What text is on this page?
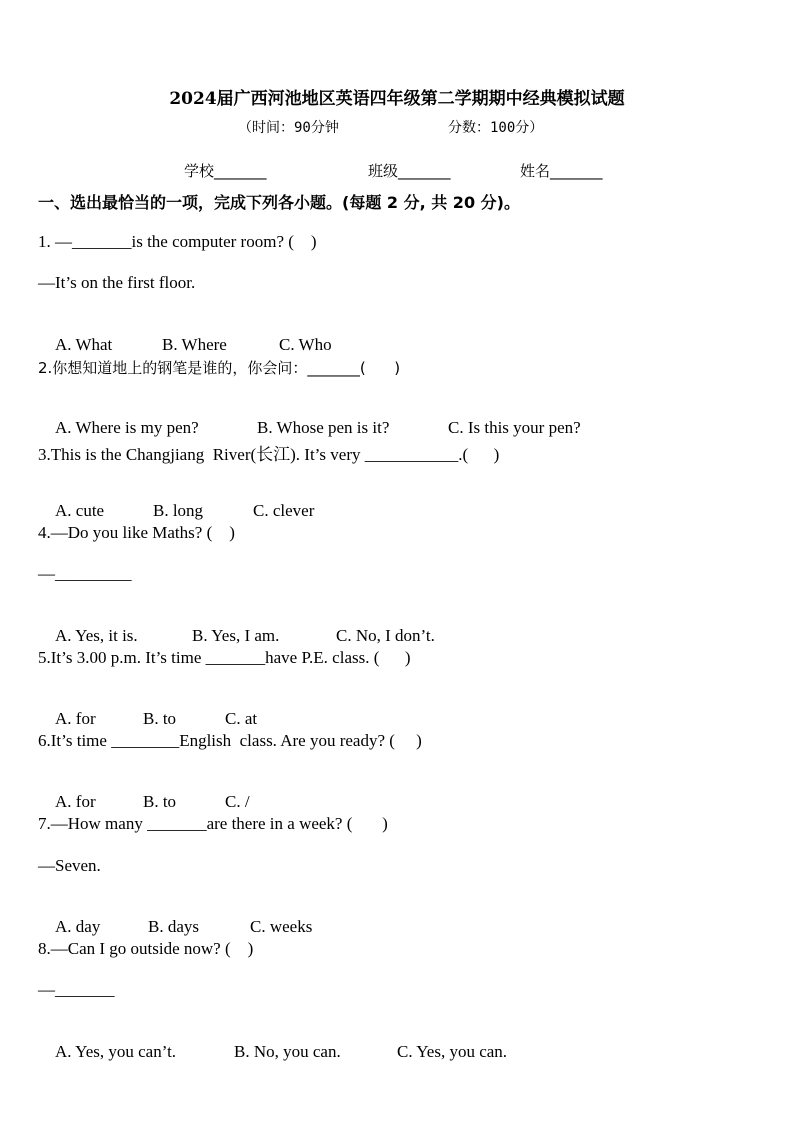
2024届广西河池地区英语四年级第二学期期中经典模拟试题
（时间：90分钟	分数：100分）
学校_______	班级_______	姓名_______
一、选出最恰当的一项，完成下列各小题。(每题 2 分, 共 20 分)。
1. —_______is the computer room? (    )
—It’s on the first floor.

A. What	B. Where	C. Who

2.你想知道地上的钢笔是谁的，你会问：_______(      )

A. Where is my pen?	B. Whose pen is it?	C. Is this your pen?

3.This is the Changjiang  River(长江). It’s very ___________.(      )

A. cute	B. long	C. clever

4.—Do you like Maths? (    )
—_________

A. Yes, it is.	B. Yes, I am.	C. No, I don’t.

5.It’s 3.00 p.m. It’s time _______have P.E. class. (      )

A. for	B. to	C. at

6.It’s time ________English  class. Are you ready? (     )

A. for	B. to	C. /

7.—How many _______are there in a week? (       )
—Seven.

A. day	B. days	C. weeks

8.—Can I go outside now? (    )
—_______

A. Yes, you can’t.	B. No, you can.	C. Yes, you can.
